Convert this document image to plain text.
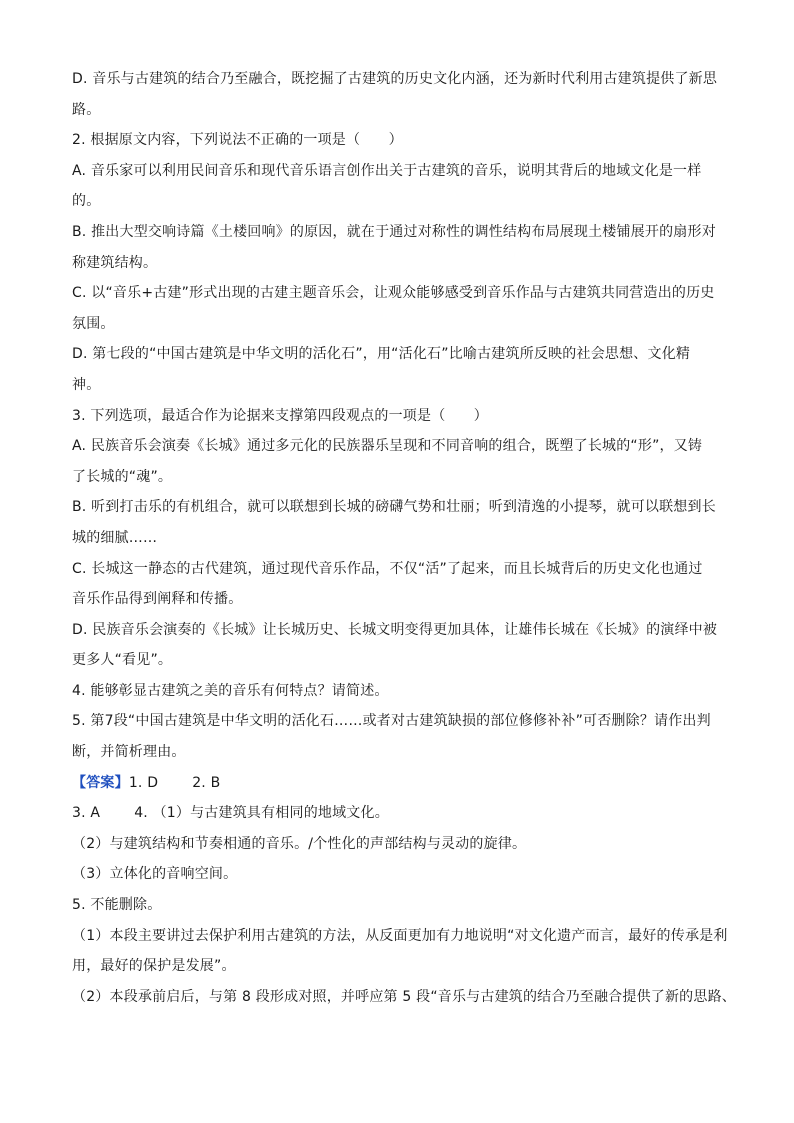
D. 音乐与古建筑的结合乃至融合，既挖掘了古建筑的历史文化内涵，还为新时代利用古建筑提供了新思
路。
2. 根据原文内容，下列说法不正确的一项是（　　）
A. 音乐家可以利用民间音乐和现代音乐语言创作出关于古建筑的音乐，说明其背后的地域文化是一样
的。
B. 推出大型交响诗篇《土楼回响》的原因，就在于通过对称性的调性结构布局展现土楼铺展开的扇形对
称建筑结构。
C. 以“音乐+古建”形式出现的古建主题音乐会，让观众能够感受到音乐作品与古建筑共同营造出的历史
氛围。
D. 第七段的“中国古建筑是中华文明的活化石”，用“活化石”比喻古建筑所反映的社会思想、文化精
神。
3. 下列选项，最适合作为论据来支撑第四段观点的一项是（　　）
A. 民族音乐会演奏《长城》通过多元化的民族器乐呈现和不同音响的组合，既塑了长城的“形”，又铸
了长城的“魂”。
B. 听到打击乐的有机组合，就可以联想到长城的磅礴气势和壮丽；听到清逸的小提琴，就可以联想到长
城的细腻……
C. 长城这一静态的古代建筑，通过现代音乐作品，不仅“活”了起来，而且长城背后的历史文化也通过
音乐作品得到阐释和传播。
D. 民族音乐会演奏的《长城》让长城历史、长城文明变得更加具体，让雄伟长城在《长城》的演绎中被
更多人“看见”。
4. 能够彰显古建筑之美的音乐有何特点？请简述。
5. 第7段“中国古建筑是中华文明的活化石……或者对古建筑缺损的部位修修补补”可否删除？请作出判
断，并简析理由。
【答案】1. D 2. B
3. A 4. （1）与古建筑具有相同的地域文化。
（2）与建筑结构和节奏相通的音乐。/个性化的声部结构与灵动的旋律。
（3）立体化的音响空间。
5. 不能删除。
（1）本段主要讲过去保护利用古建筑的方法，从反面更加有力地说明“对文化遗产而言，最好的传承是利
用，最好的保护是发展”。
（2）本段承前启后，与第 8 段形成对照，并呼应第 5 段“音乐与古建筑的结合乃至融合提供了新的思路、
